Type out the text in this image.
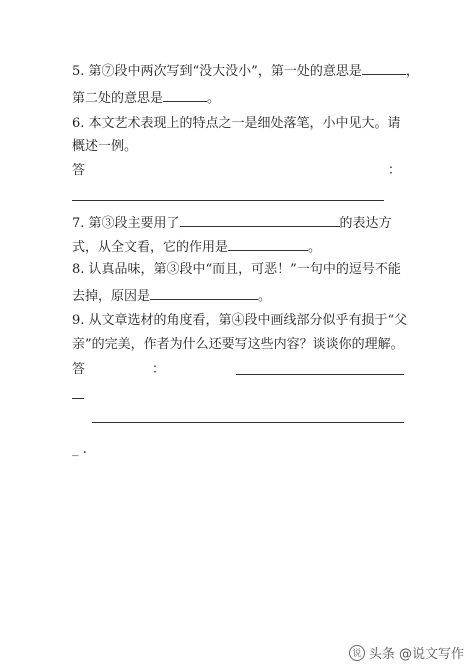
5. 第⑦段中两次写到“没大没小”，第一处的意思是	，
第二处的意思是	。
6. 本文艺术表现上的特点之一是细处落笔，小中见大。请
概述一例。
答	：
7. 第③段主要用了	的表达方
式，从全文看，它的作用是	。
8. 认真品味，第③段中“而且，可恶！”一句中的逗号不能
去掉，原因是	。
9. 从文章选材的角度看，第④段中画线部分似乎有损于“父
亲”的完美，作者为什么还要写这些内容？谈谈你的理解。
答	：
_ .
说 头条 @说文写作
